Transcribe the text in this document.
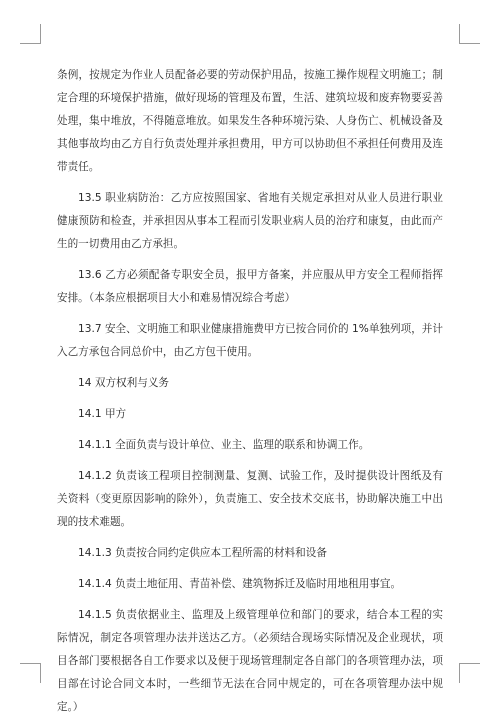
条例，按规定为作业人员配备必要的劳动保护用品，按施工操作规程文明施工；制定合理的环境保护措施，做好现场的管理及布置，生活、建筑垃圾和废弃物要妥善处理，集中堆放，不得随意堆放。如果发生各种环境污染、人身伤亡、机械设备及其他事故均由乙方自行负责处理并承担费用，甲方可以协助但不承担任何费用及连带责任。

13.5 职业病防治：乙方应按照国家、省地有关规定承担对从业人员进行职业健康预防和检查，并承担因从事本工程而引发职业病人员的治疗和康复，由此而产生的一切费用由乙方承担。

13.6 乙方必须配备专职安全员，报甲方备案，并应服从甲方安全工程师指挥安排。（本条应根据项目大小和难易情况综合考虑）

13.7 安全、文明施工和职业健康措施费甲方已按合同价的 1%单独列项，并计入乙方承包合同总价中，由乙方包干使用。

14 双方权利与义务

14.1 甲方

14.1.1 全面负责与设计单位、业主、监理的联系和协调工作。

14.1.2 负责该工程项目控制测量、复测、试验工作，及时提供设计图纸及有关资料（变更原因影响的除外），负责施工、安全技术交底书，协助解决施工中出现的技术难题。

14.1.3 负责按合同约定供应本工程所需的材料和设备

14.1.4 负责土地征用、青苗补偿、建筑物拆迁及临时用地租用事宜。

14.1.5 负责依据业主、监理及上级管理单位和部门的要求，结合本工程的实际情况，制定各项管理办法并送达乙方。（必须结合现场实际情况及企业现状，项目各部门要根据各自工作要求以及便于现场管理制定各自部门的各项管理办法，项目部在讨论合同文本时，一些细节无法在合同中规定的，可在各项管理办法中规定。）
